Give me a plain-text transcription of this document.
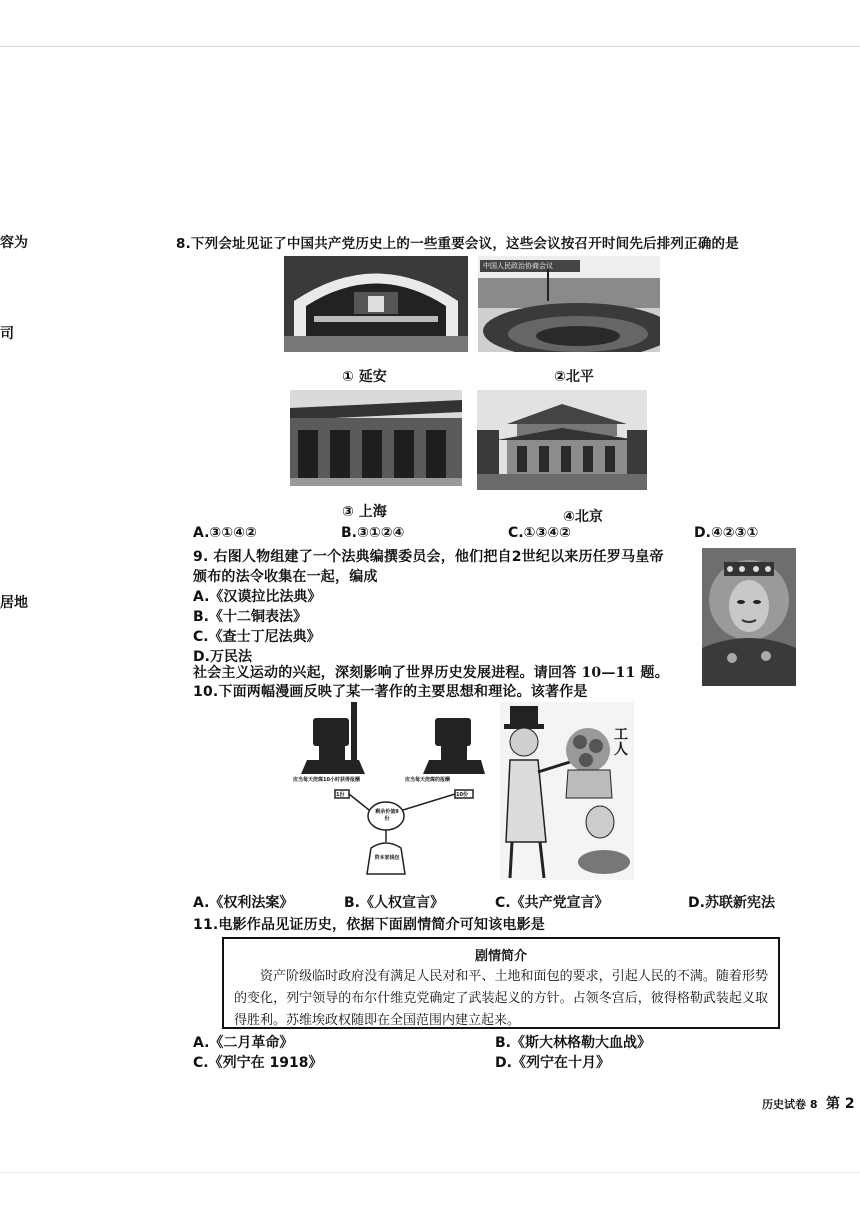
容为
司
居地
8.下列会址见证了中国共产党历史上的一些重要会议，这些会议按召开时间先后排列正确的是
中国人民政治协商会议
① 延安	②北平
③ 上海	④北京
A.③①④②	B.③①②④	C.①③④②	D.④②③①
9. 右图人物组建了一个法典编撰委员会，他们把自2世纪以来历任罗马皇帝
颁布的法令收集在一起，编成
A.《汉谟拉比法典》
B.《十二铜表法》
C.《查士丁尼法典》
D.万民法
社会主义运动的兴起，深刻影响了世界历史发展进程。请回答 10—11 题。
10.下面两幅漫画反映了某一著作的主要思想和理论。该著作是
应当每天挖煤10小时获得报酬	应当每天挖煤的报酬
1份	10份
剩余价值9份
资本家钱包
工人
A.《权利法案》	B.《人权宣言》	C.《共产党宣言》	D.苏联新宪法
11.电影作品见证历史，依据下面剧情简介可知该电影是
剧情简介
资产阶级临时政府没有满足人民对和平、土地和面包的要求，引起人民的不满。随着形势的变化，列宁领导的布尔什维克党确定了武装起义的方针。占领冬宫后，彼得格勒武装起义取得胜利。苏维埃政权随即在全国范围内建立起来。
A.《二月革命》	B.《斯大林格勒大血战》
C.《列宁在 1918》	D.《列宁在十月》
历史试卷 8 第 2
